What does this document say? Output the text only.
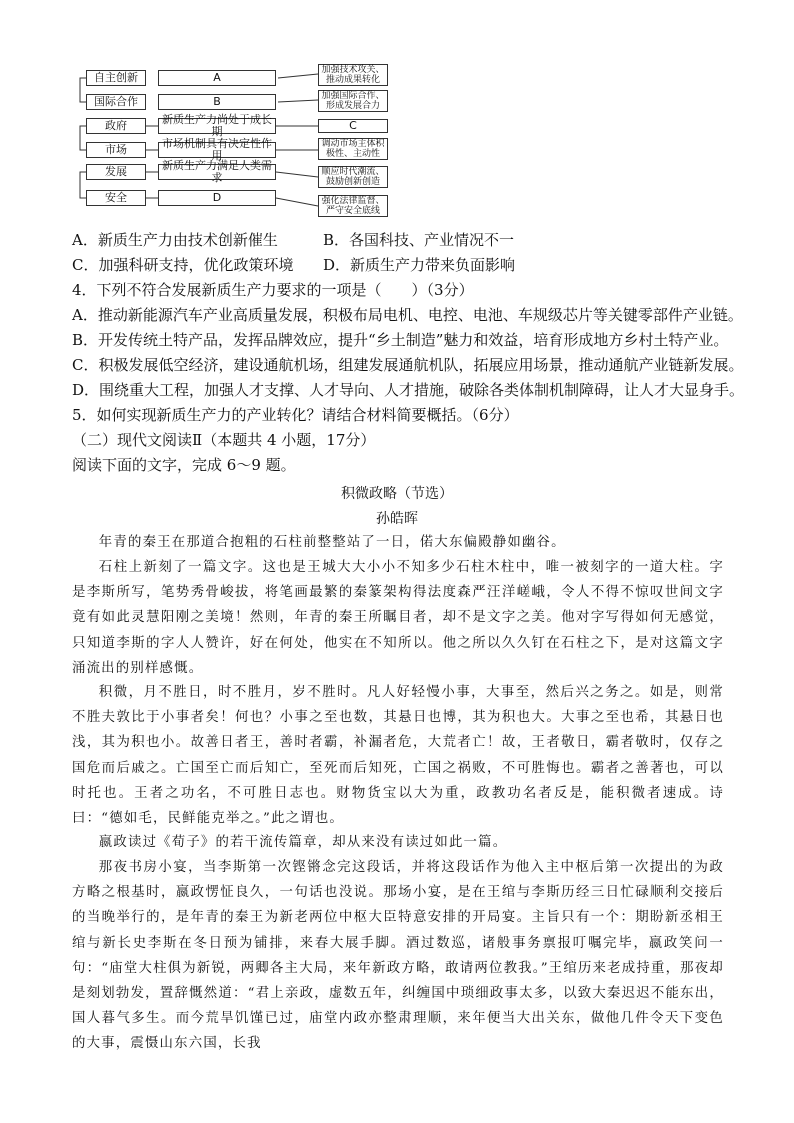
自主创新
国际合作
政府
市场
发展
安全
A
B
新质生产力尚处于成长期
市场机制具有决定性作用
新质生产力满足人类需求
D
加强技术攻关、推动成果转化
加强国际合作、形成发展合力
C
调动市场主体积极性、主动性
顺应时代潮流、鼓励创新创造
强化法律监督、严守安全底线
A．新质生产力由技术创新催生	B．各国科技、产业情况不一
C．加强科研支持，优化政策环境 D．新质生产力带来负面影响
4．下列不符合发展新质生产力要求的一项是（　　）（3分）
A．推动新能源汽车产业高质量发展，积极布局电机、电控、电池、车规级芯片等关键零部件产业链。
B．开发传统土特产品，发挥品牌效应，提升“乡土制造”魅力和效益，培育形成地方乡村土特产业。
C．积极发展低空经济，建设通航机场，组建发展通航机队，拓展应用场景，推动通航产业链新发展。
D．围绕重大工程，加强人才支撑、人才导向、人才措施，破除各类体制机制障碍，让人才大显身手。
5．如何实现新质生产力的产业转化？请结合材料简要概括。（6分）
（二）现代文阅读Ⅱ（本题共 4 小题，17分）
阅读下面的文字，完成 6～9 题。
积微政略（节选）
孙皓晖
年青的秦王在那道合抱粗的石柱前整整站了一日，偌大东偏殿静如幽谷。
石柱上新刻了一篇文字。这也是王城大大小小不知多少石柱木柱中，唯一被刻字的一道大柱。字是李斯所写，笔势秀骨峻拔，将笔画最繁的秦篆架构得法度森严汪洋嵯峨，令人不得不惊叹世间文字竟有如此灵慧阳刚之美境！然则，年青的秦王所瞩目者，却不是文字之美。他对字写得如何无感觉，只知道李斯的字人人赞许，好在何处，他实在不知所以。他之所以久久钉在石柱之下，是对这篇文字涌流出的别样感慨。
积微，月不胜日，时不胜月，岁不胜时。凡人好轻慢小事，大事至，然后兴之务之。如是，则常不胜夫敦比于小事者矣！何也？小事之至也数，其悬日也博，其为积也大。大事之至也希，其悬日也浅，其为积也小。故善日者王，善时者霸，补漏者危，大荒者亡！故，王者敬日，霸者敬时，仅存之国危而后戚之。亡国至亡而后知亡，至死而后知死，亡国之祸败，不可胜悔也。霸者之善著也，可以时托也。王者之功名，不可胜日志也。财物货宝以大为重，政教功名者反是，能积微者速成。诗曰：“德如毛，民鲜能克举之。”此之谓也。
嬴政读过《荀子》的若干流传篇章，却从来没有读过如此一篇。
那夜书房小宴，当李斯第一次铿锵念完这段话，并将这段话作为他入主中枢后第一次提出的为政方略之根基时，嬴政愣怔良久，一句话也没说。那场小宴，是在王绾与李斯历经三日忙碌顺利交接后的当晚举行的，是年青的秦王为新老两位中枢大臣特意安排的开局宴。主旨只有一个：期盼新丞相王绾与新长史李斯在冬日预为铺排，来春大展手脚。酒过数巡，诸般事务禀报叮嘱完毕，嬴政笑问一句：“庙堂大柱俱为新锐，两卿各主大局，来年新政方略，敢请两位教我。”王绾历来老成持重，那夜却是刻划勃发，置辞慨然道：“君上亲政，虚数五年，纠缠国中琐细政事太多，以致大秦迟迟不能东出，国人暮气多生。而今荒旱饥馑已过，庙堂内政亦整肃理顺，来年便当大出关东，做他几件令天下变色的大事，震慑山东六国，长我
